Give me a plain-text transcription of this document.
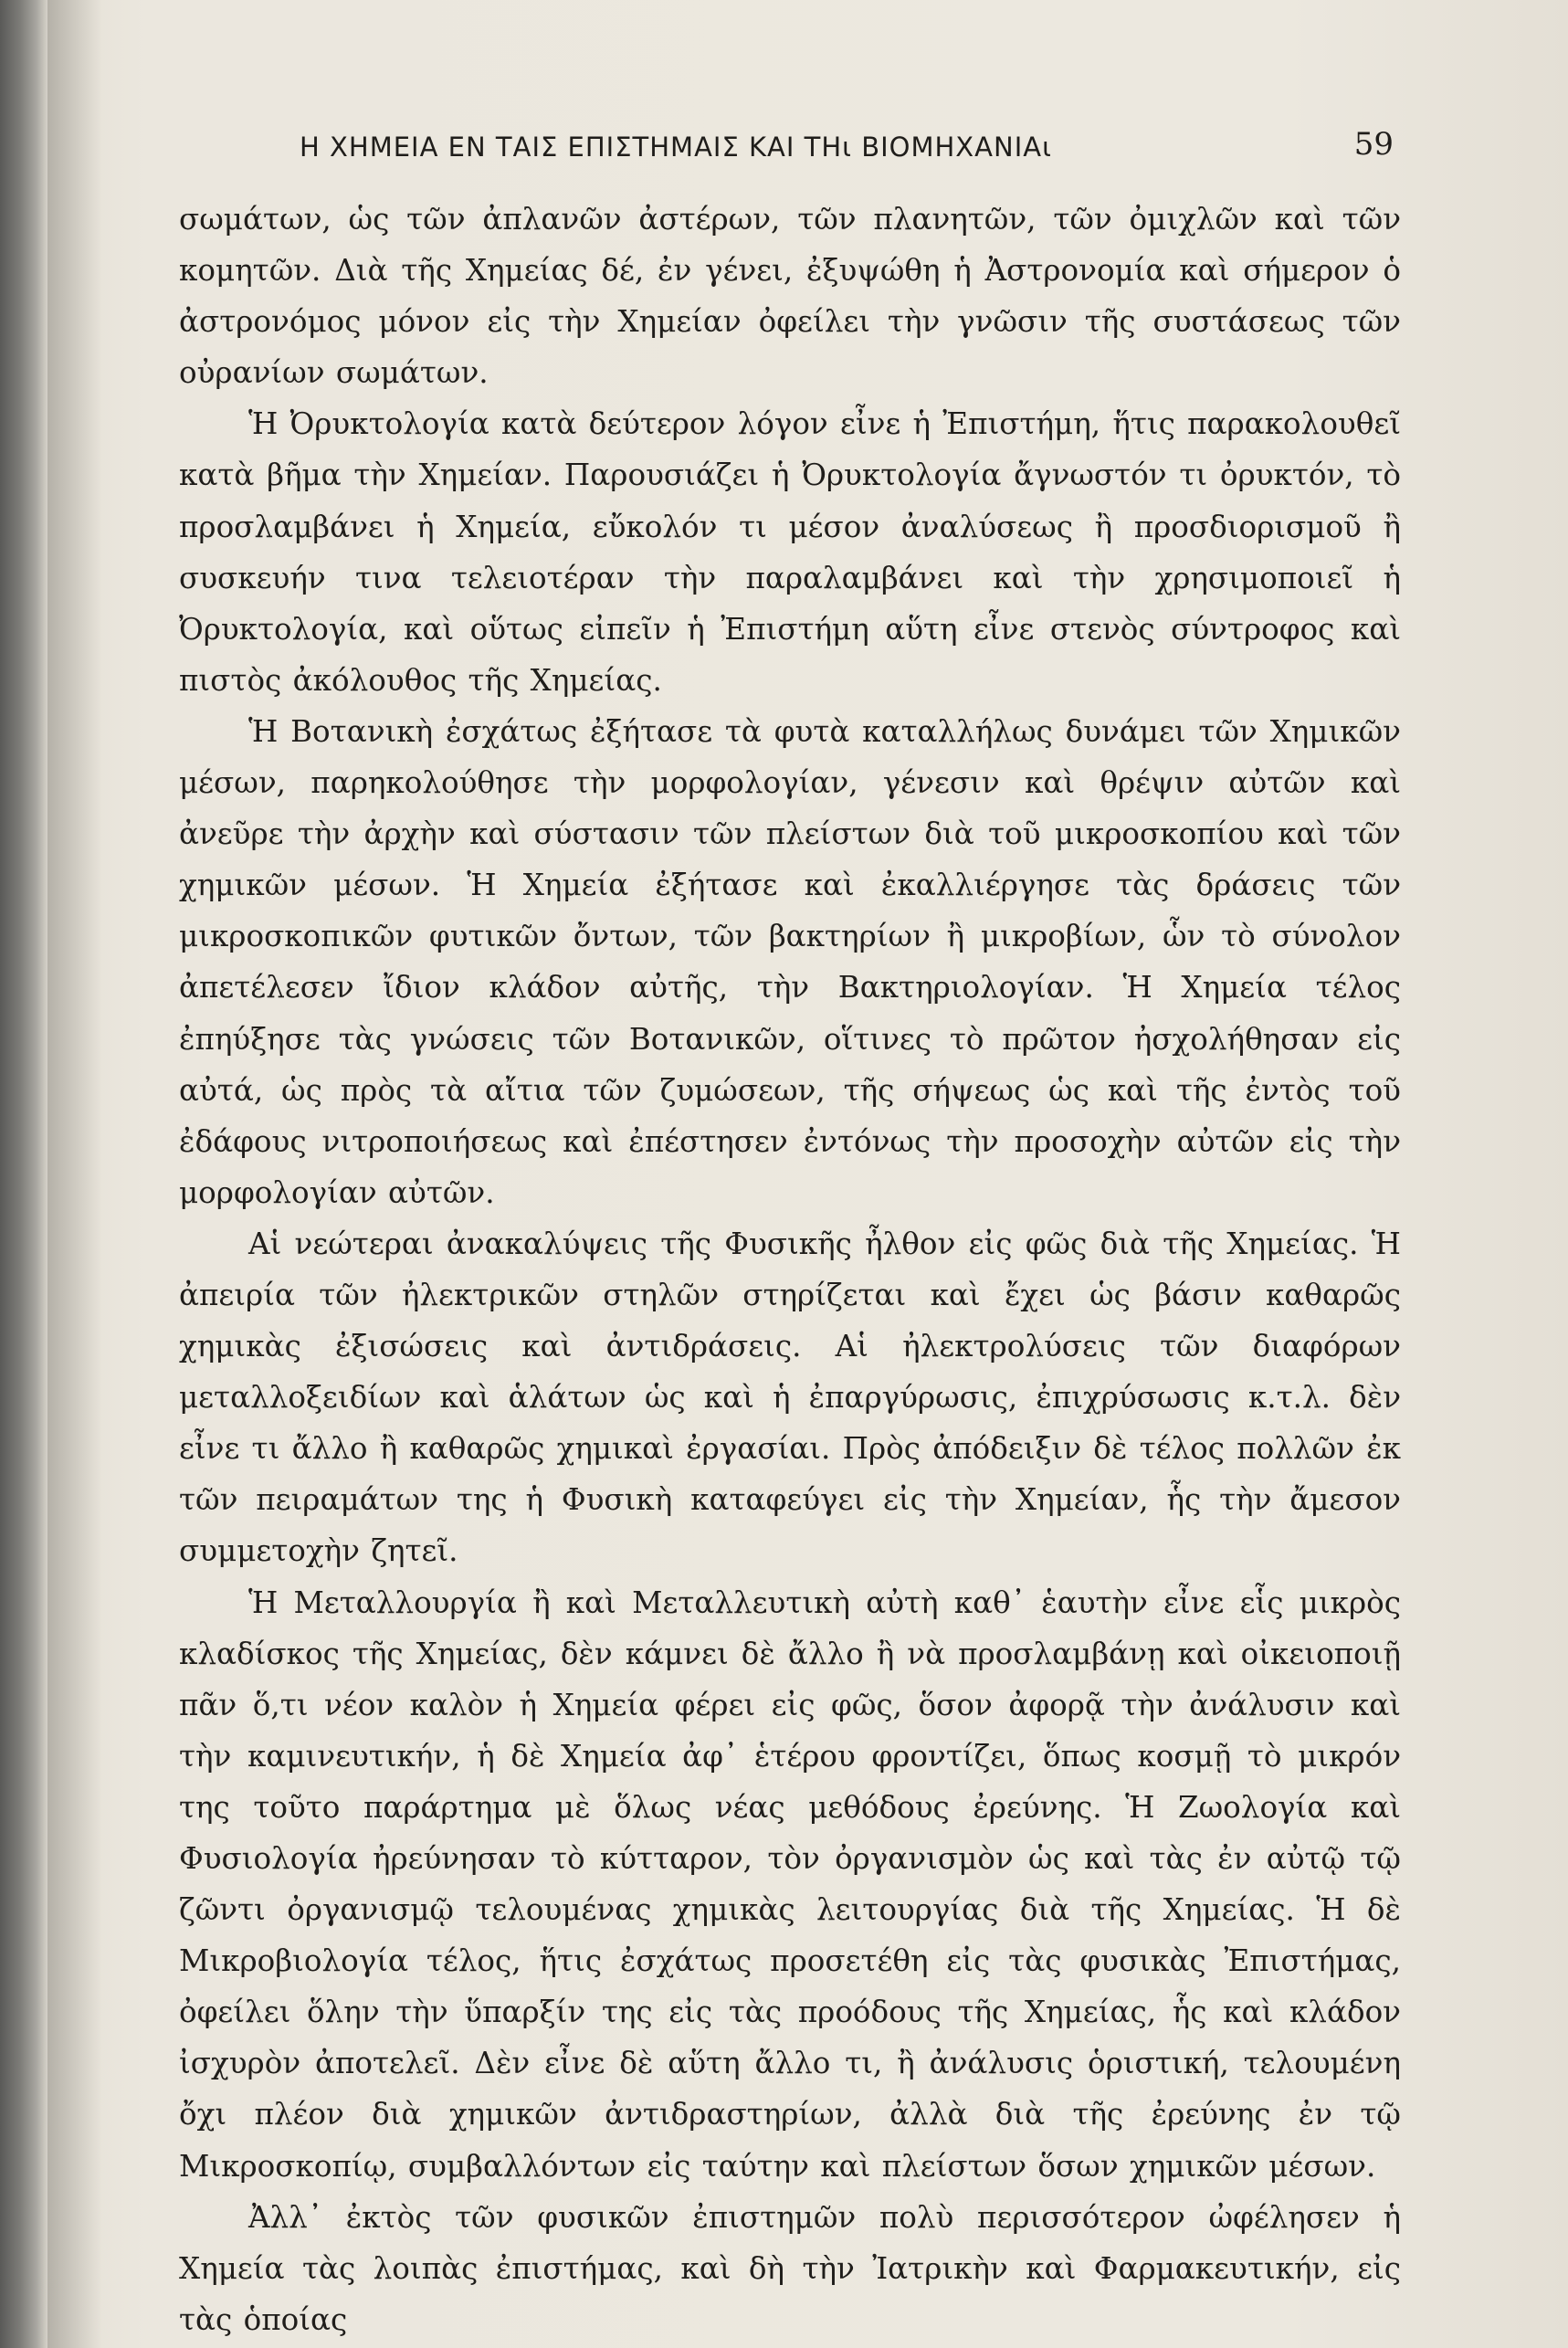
Η ΧΗΜΕΙΑ ΕΝ ΤΑΙΣ ΕΠΙΣΤΗΜΑΙΣ ΚΑΙ ΤΗι ΒΙΟΜΗΧΑΝΙΑι	59

σωμάτων, ὡς τῶν ἀπλανῶν ἀστέρων, τῶν πλανητῶν, τῶν ὀμιχλῶν καὶ τῶν κομητῶν. Διὰ τῆς Χημείας δέ, ἐν γένει, ἐξυψώθη ἡ Ἀστρονομία καὶ σήμερον ὁ ἀστρονόμος μόνον εἰς τὴν Χημείαν ὀφείλει τὴν γνῶσιν τῆς συστάσεως τῶν οὐρανίων σωμάτων.

Ἡ Ὀρυκτολογία κατὰ δεύτερον λόγον εἶνε ἡ Ἐπιστήμη, ἥτις παρακολουθεῖ κατὰ βῆμα τὴν Χημείαν. Παρουσιάζει ἡ Ὀρυκτολογία ἄγνωστόν τι ὀρυκτόν, τὸ προσλαμβάνει ἡ Χημεία, εὔκολόν τι μέσον ἀναλύσεως ἢ προσδιορισμοῦ ἢ συσκευήν τινα τελειοτέραν τὴν παραλαμβάνει καὶ τὴν χρησιμοποιεῖ ἡ Ὀρυκτολογία, καὶ οὕτως εἰπεῖν ἡ Ἐπιστήμη αὕτη εἶνε στενὸς σύντροφος καὶ πιστὸς ἀκόλουθος τῆς Χημείας.

Ἡ Βοτανικὴ ἐσχάτως ἐξήτασε τὰ φυτὰ καταλλήλως δυνάμει τῶν Χημικῶν μέσων, παρηκολούθησε τὴν μορφολογίαν, γένεσιν καὶ θρέψιν αὐτῶν καὶ ἀνεῦρε τὴν ἀρχὴν καὶ σύστασιν τῶν πλείστων διὰ τοῦ μικροσκοπίου καὶ τῶν χημικῶν μέσων. Ἡ Χημεία ἐξήτασε καὶ ἐκαλλιέργησε τὰς δράσεις τῶν μικροσκοπικῶν φυτικῶν ὄντων, τῶν βακτηρίων ἢ μικροβίων, ὧν τὸ σύνολον ἀπετέλεσεν ἴδιον κλάδον αὐτῆς, τὴν Βακτηριολογίαν. Ἡ Χημεία τέλος ἐπηύξησε τὰς γνώσεις τῶν Βοτανικῶν, οἵτινες τὸ πρῶτον ἠσχολήθησαν εἰς αὐτά, ὡς πρὸς τὰ αἴτια τῶν ζυμώσεων, τῆς σήψεως ὡς καὶ τῆς ἐντὸς τοῦ ἐδάφους νιτροποιήσεως καὶ ἐπέστησεν ἐντόνως τὴν προσοχὴν αὐτῶν εἰς τὴν μορφολογίαν αὐτῶν.

Αἱ νεώτεραι ἀνακαλύψεις τῆς Φυσικῆς ἦλθον εἰς φῶς διὰ τῆς Χημείας. Ἡ ἀπειρία τῶν ἠλεκτρικῶν στηλῶν στηρίζεται καὶ ἔχει ὡς βάσιν καθαρῶς χημικὰς ἐξισώσεις καὶ ἀντιδράσεις. Αἱ ἠλεκτρολύσεις τῶν διαφόρων μεταλλοξειδίων καὶ ἁλάτων ὡς καὶ ἡ ἐπαργύρωσις, ἐπιχρύσωσις κ.τ.λ. δὲν εἶνε τι ἄλλο ἢ καθαρῶς χημικαὶ ἐργασίαι. Πρὸς ἀπόδειξιν δὲ τέλος πολλῶν ἐκ τῶν πειραμάτων της ἡ Φυσικὴ καταφεύγει εἰς τὴν Χημείαν, ἧς τὴν ἄμεσον συμμετοχὴν ζητεῖ.

Ἡ Μεταλλουργία ἢ καὶ Μεταλλευτικὴ αὐτὴ καθ᾽ ἑαυτὴν εἶνε εἷς μικρὸς κλαδίσκος τῆς Χημείας, δὲν κάμνει δὲ ἄλλο ἢ νὰ προσλαμβάνῃ καὶ οἰκειοποιῇ πᾶν ὅ,τι νέον καλὸν ἡ Χημεία φέρει εἰς φῶς, ὅσον ἀφορᾷ τὴν ἀνάλυσιν καὶ τὴν καμινευτικήν, ἡ δὲ Χημεία ἀφ᾽ ἑτέρου φροντίζει, ὅπως κοσμῇ τὸ μικρόν της τοῦτο παράρτημα μὲ ὅλως νέας μεθόδους ἐρεύνης. Ἡ Ζωολογία καὶ Φυσιολογία ἠρεύνησαν τὸ κύτταρον, τὸν ὀργανισμὸν ὡς καὶ τὰς ἐν αὐτῷ τῷ ζῶντι ὀργανισμῷ τελουμένας χημικὰς λειτουργίας διὰ τῆς Χημείας. Ἡ δὲ Μικροβιολογία τέλος, ἥτις ἐσχάτως προσετέθη εἰς τὰς φυσικὰς Ἐπιστήμας, ὀφείλει ὅλην τὴν ὕπαρξίν της εἰς τὰς προόδους τῆς Χημείας, ἧς καὶ κλάδον ἰσχυρὸν ἀποτελεῖ. Δὲν εἶνε δὲ αὕτη ἄλλο τι, ἢ ἀνάλυσις ὁριστική, τελουμένη ὄχι πλέον διὰ χημικῶν ἀντιδραστηρίων, ἀλλὰ διὰ τῆς ἐρεύνης ἐν τῷ Μικροσκοπίῳ, συμβαλλόντων εἰς ταύτην καὶ πλείστων ὅσων χημικῶν μέσων.

Ἀλλ᾽ ἐκτὸς τῶν φυσικῶν ἐπιστημῶν πολὺ περισσότερον ὠφέλησεν ἡ Χημεία τὰς λοιπὰς ἐπιστήμας, καὶ δὴ τὴν Ἰατρικὴν καὶ Φαρμακευτικήν, εἰς τὰς ὁποίας
